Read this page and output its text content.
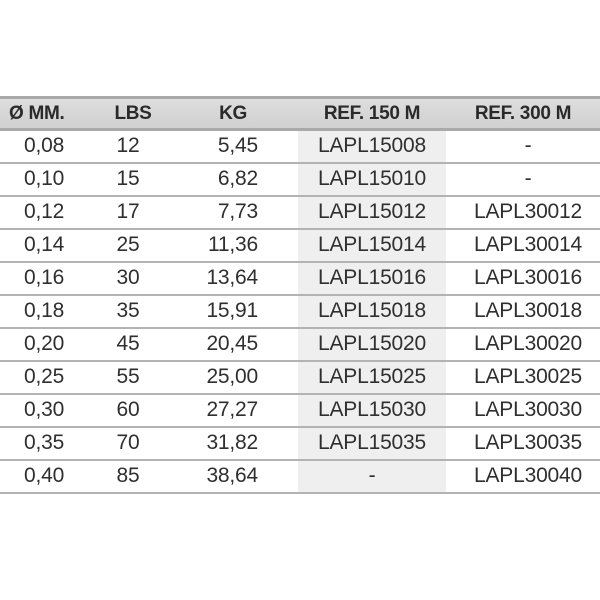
Ø MM.	LBS	KG	REF. 150 M	REF. 300 M
0,08	12	5,45	LAPL15008	-
0,10	15	6,82	LAPL15010	-
0,12	17	7,73	LAPL15012	LAPL30012
0,14	25	11,36	LAPL15014	LAPL30014
0,16	30	13,64	LAPL15016	LAPL30016
0,18	35	15,91	LAPL15018	LAPL30018
0,20	45	20,45	LAPL15020	LAPL30020
0,25	55	25,00	LAPL15025	LAPL30025
0,30	60	27,27	LAPL15030	LAPL30030
0,35	70	31,82	LAPL15035	LAPL30035
0,40	85	38,64	-	LAPL30040
